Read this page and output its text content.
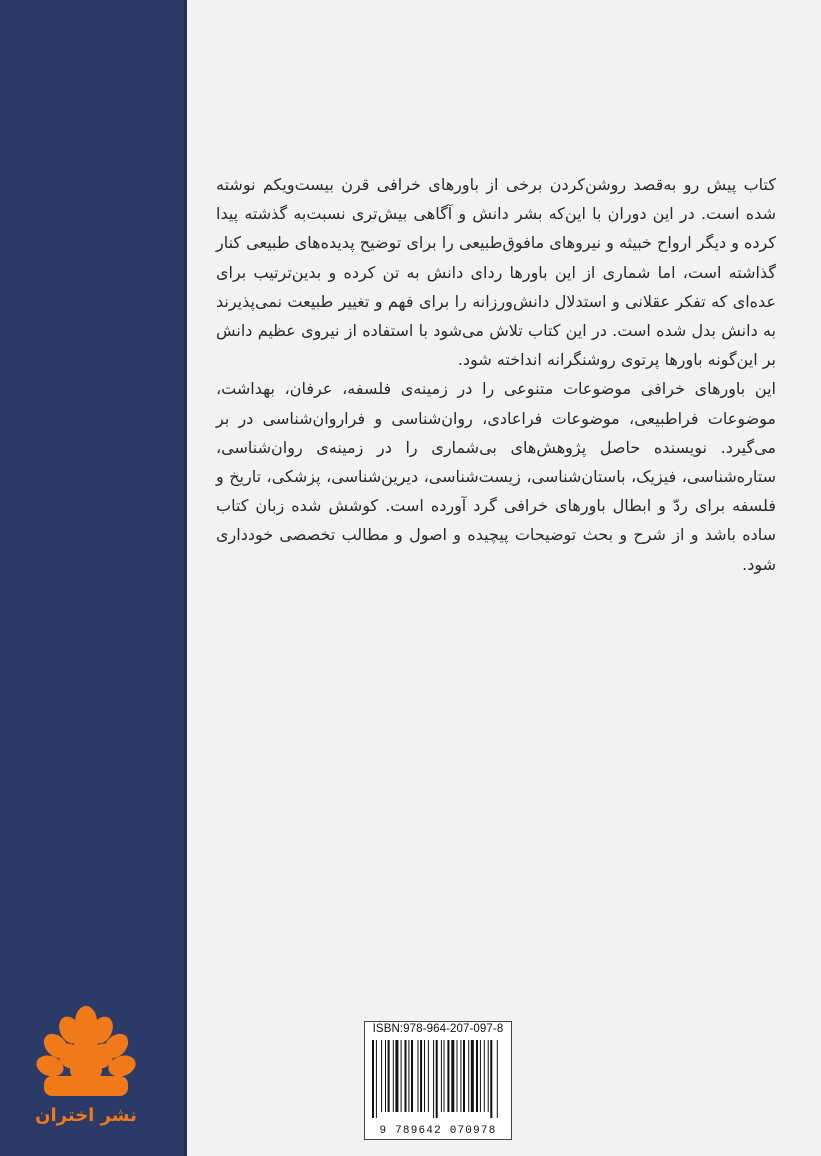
کتاب پیش رو به‌قصد روشن‌کردن برخی از باورهای خرافی قرن بیست‌ویکم نوشته شده است. در این دوران با این‌که بشر دانش و آگاهی بیش‌تری نسبت‌به گذشته پیدا کرده و دیگر ارواح خبیثه و نیروهای مافوق‌طبیعی را برای توضیح پدیده‌های طبیعی کنار گذاشته است، اما شماری از این باورها ردای دانش به تن کرده و بدین‌ترتیب برای عده‌ای که تفکر عقلانی و استدلال دانش‌ورزانه را برای فهم و تغییر طبیعت نمی‌پذیرند به دانش بدل شده است. در این کتاب تلاش می‌شود با استفاده از نیروی عظیم دانش بر این‌گونه باورها پرتوی روشنگرانه انداخته شود.

این باورهای خرافی موضوعات متنوعی را در زمینه‌ی فلسفه، عرفان، بهداشت، موضوعات فراطبیعی، موضوعات فراعادی، روان‌شناسی و فراروان‌شناسی در بر می‌گیرد. نویسنده حاصل پژوهش‌های بی‌شماری را در زمینه‌ی روان‌شناسی، ستاره‌شناسی، فیزیک، باستان‌شناسی، زیست‌شناسی، دیرین‌شناسی، پزشکی، تاریخ و فلسفه برای ردّ و ابطال باورهای خرافی گرد آورده است. کوشش شده زبان کتاب ساده باشد و از شرح و بحث توضیحات پیچیده و اصول و مطالب تخصصی خودداری شود.

نشر اختران
ISBN:978-964-207-097-8
9 789642 070978
